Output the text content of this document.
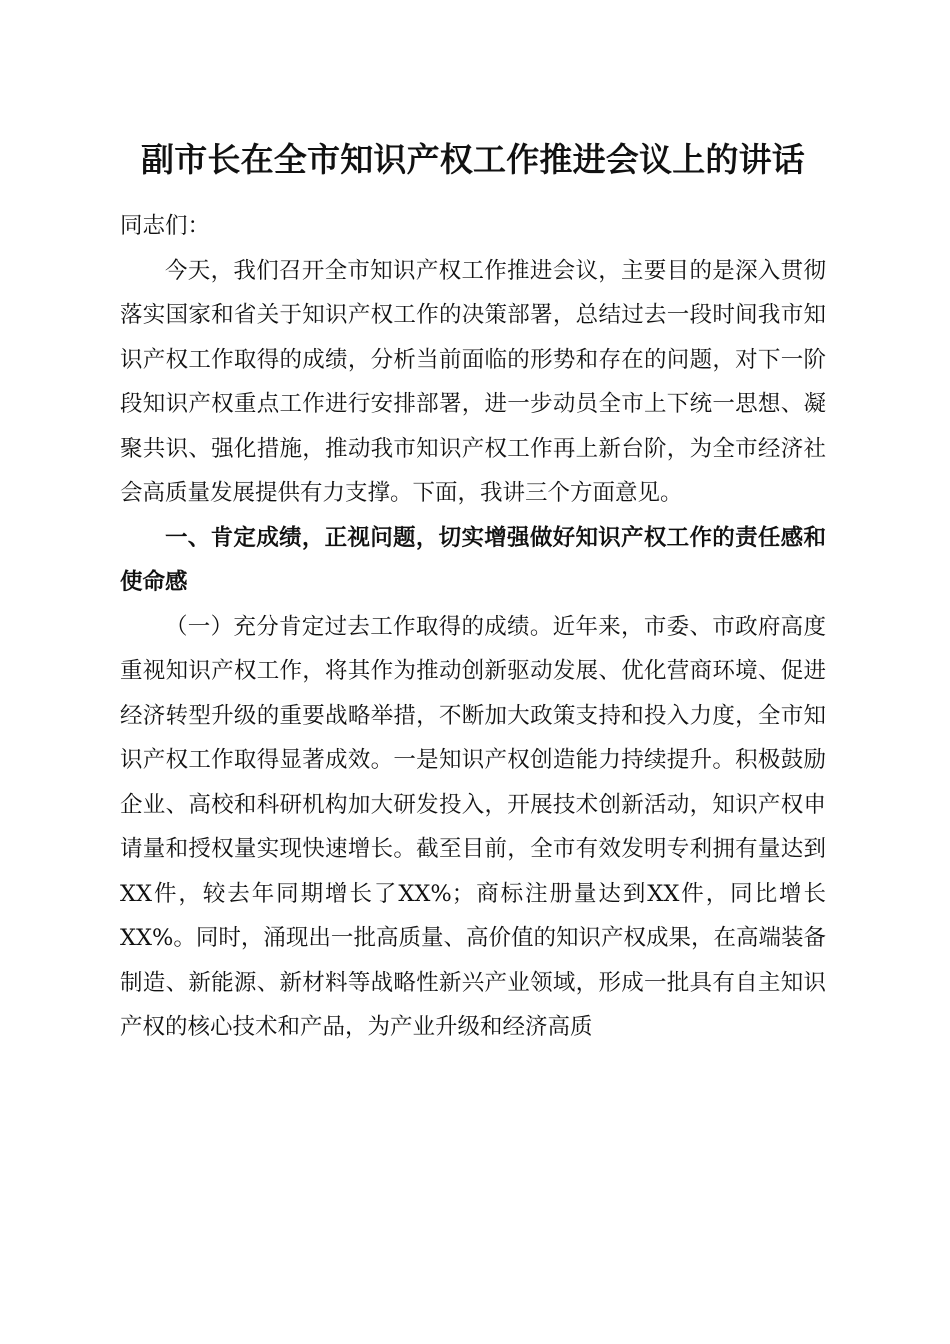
副市长在全市知识产权工作推进会议上的讲话

同志们：

今天，我们召开全市知识产权工作推进会议，主要目的是深入贯彻落实国家和省关于知识产权工作的决策部署，总结过去一段时间我市知识产权工作取得的成绩，分析当前面临的形势和存在的问题，对下一阶段知识产权重点工作进行安排部署，进一步动员全市上下统一思想、凝聚共识、强化措施，推动我市知识产权工作再上新台阶，为全市经济社会高质量发展提供有力支撑。下面，我讲三个方面意见。

一、肯定成绩，正视问题，切实增强做好知识产权工作的责任感和使命感

（一）充分肯定过去工作取得的成绩。近年来，市委、市政府高度重视知识产权工作，将其作为推动创新驱动发展、优化营商环境、促进经济转型升级的重要战略举措，不断加大政策支持和投入力度，全市知识产权工作取得显著成效。一是知识产权创造能力持续提升。积极鼓励企业、高校和科研机构加大研发投入，开展技术创新活动，知识产权申请量和授权量实现快速增长。截至目前，全市有效发明专利拥有量达到XX件，较去年同期增长了XX%；商标注册量达到XX件，同比增长XX%。同时，涌现出一批高质量、高价值的知识产权成果，在高端装备制造、新能源、新材料等战略性新兴产业领域，形成一批具有自主知识产权的核心技术和产品，为产业升级和经济高质
